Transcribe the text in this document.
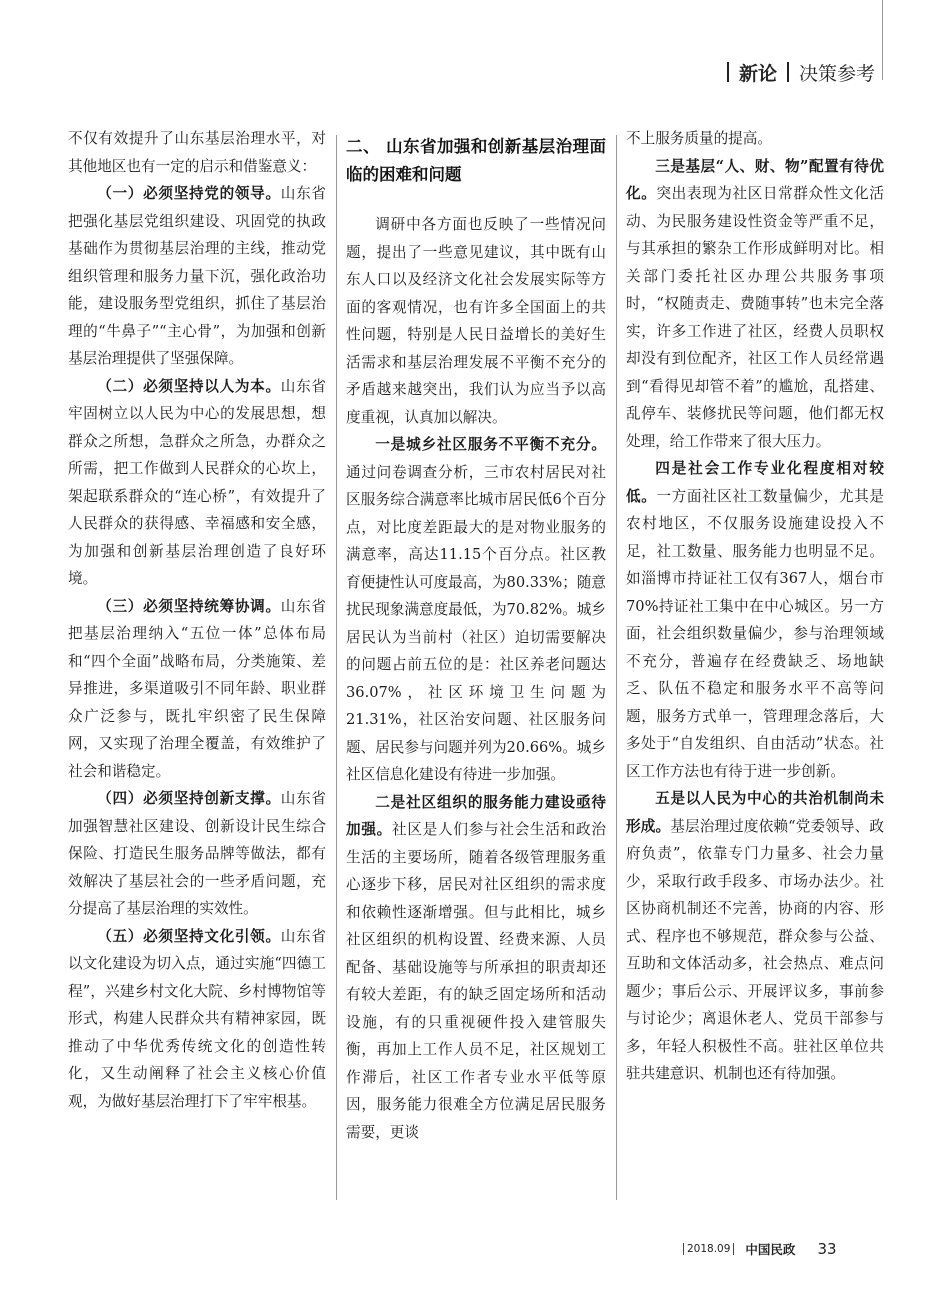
新论 决策参考

不仅有效提升了山东基层治理水平，对其他地区也有一定的启示和借鉴意义：

（一）必须坚持党的领导。山东省把强化基层党组织建设、巩固党的执政基础作为贯彻基层治理的主线，推动党组织管理和服务力量下沉，强化政治功能，建设服务型党组织，抓住了基层治理的“牛鼻子”“主心骨”，为加强和创新基层治理提供了坚强保障。

（二）必须坚持以人为本。山东省牢固树立以人民为中心的发展思想，想群众之所想，急群众之所急，办群众之所需，把工作做到人民群众的心坎上，架起联系群众的“连心桥”，有效提升了人民群众的获得感、幸福感和安全感，为加强和创新基层治理创造了良好环境。

（三）必须坚持统筹协调。山东省把基层治理纳入“五位一体”总体布局和“四个全面”战略布局，分类施策、差异推进，多渠道吸引不同年龄、职业群众广泛参与，既扎牢织密了民生保障网，又实现了治理全覆盖，有效维护了社会和谐稳定。

（四）必须坚持创新支撑。山东省加强智慧社区建设、创新设计民生综合保险、打造民生服务品牌等做法，都有效解决了基层社会的一些矛盾问题，充分提高了基层治理的实效性。

（五）必须坚持文化引领。山东省以文化建设为切入点，通过实施“四德工程”，兴建乡村文化大院、乡村博物馆等形式，构建人民群众共有精神家园，既推动了中华优秀传统文化的创造性转化，又生动阐释了社会主义核心价值观，为做好基层治理打下了牢牢根基。

二、 山东省加强和创新基层治理面临的困难和问题

调研中各方面也反映了一些情况问题，提出了一些意见建议，其中既有山东人口以及经济文化社会发展实际等方面的客观情况，也有许多全国面上的共性问题，特别是人民日益增长的美好生活需求和基层治理发展不平衡不充分的矛盾越来越突出，我们认为应当予以高度重视，认真加以解决。

一是城乡社区服务不平衡不充分。通过问卷调查分析，三市农村居民对社区服务综合满意率比城市居民低6个百分点，对比度差距最大的是对物业服务的满意率，高达11.15个百分点。社区教育便捷性认可度最高，为80.33%；随意扰民现象满意度最低，为70.82%。城乡居民认为当前村（社区）迫切需要解决的问题占前五位的是：社区养老问题达36.07%，社区环境卫生问题为21.31%，社区治安问题、社区服务问题、居民参与问题并列为20.66%。城乡社区信息化建设有待进一步加强。

二是社区组织的服务能力建设亟待加强。社区是人们参与社会生活和政治生活的主要场所，随着各级管理服务重心逐步下移，居民对社区组织的需求度和依赖性逐渐增强。但与此相比，城乡社区组织的机构设置、经费来源、人员配备、基础设施等与所承担的职责却还有较大差距，有的缺乏固定场所和活动设施，有的只重视硬件投入建管服失衡，再加上工作人员不足，社区规划工作滞后，社区工作者专业水平低等原因，服务能力很难全方位满足居民服务需要，更谈

不上服务质量的提高。

三是基层“人、财、物”配置有待优化。突出表现为社区日常群众性文化活动、为民服务建设性资金等严重不足，与其承担的繁杂工作形成鲜明对比。相关部门委托社区办理公共服务事项时，“权随责走、费随事转”也未完全落实，许多工作进了社区，经费人员职权却没有到位配齐，社区工作人员经常遇到“看得见却管不着”的尴尬，乱搭建、乱停车、装修扰民等问题，他们都无权处理，给工作带来了很大压力。

四是社会工作专业化程度相对较低。一方面社区社工数量偏少，尤其是农村地区，不仅服务设施建设投入不足，社工数量、服务能力也明显不足。如淄博市持证社工仅有367人，烟台市70%持证社工集中在中心城区。另一方面，社会组织数量偏少，参与治理领域不充分，普遍存在经费缺乏、场地缺乏、队伍不稳定和服务水平不高等问题，服务方式单一，管理理念落后，大多处于“自发组织、自由活动”状态。社区工作方法也有待于进一步创新。

五是以人民为中心的共治机制尚未形成。基层治理过度依赖“党委领导、政府负责”，依靠专门力量多、社会力量少，采取行政手段多、市场办法少。社区协商机制还不完善，协商的内容、形式、程序也不够规范，群众参与公益、互助和文体活动多，社会热点、难点问题少；事后公示、开展评议多，事前参与讨论少；离退休老人、党员干部参与多，年轻人积极性不高。驻社区单位共驻共建意识、机制也还有待加强。

2018.09 中国民政 33
